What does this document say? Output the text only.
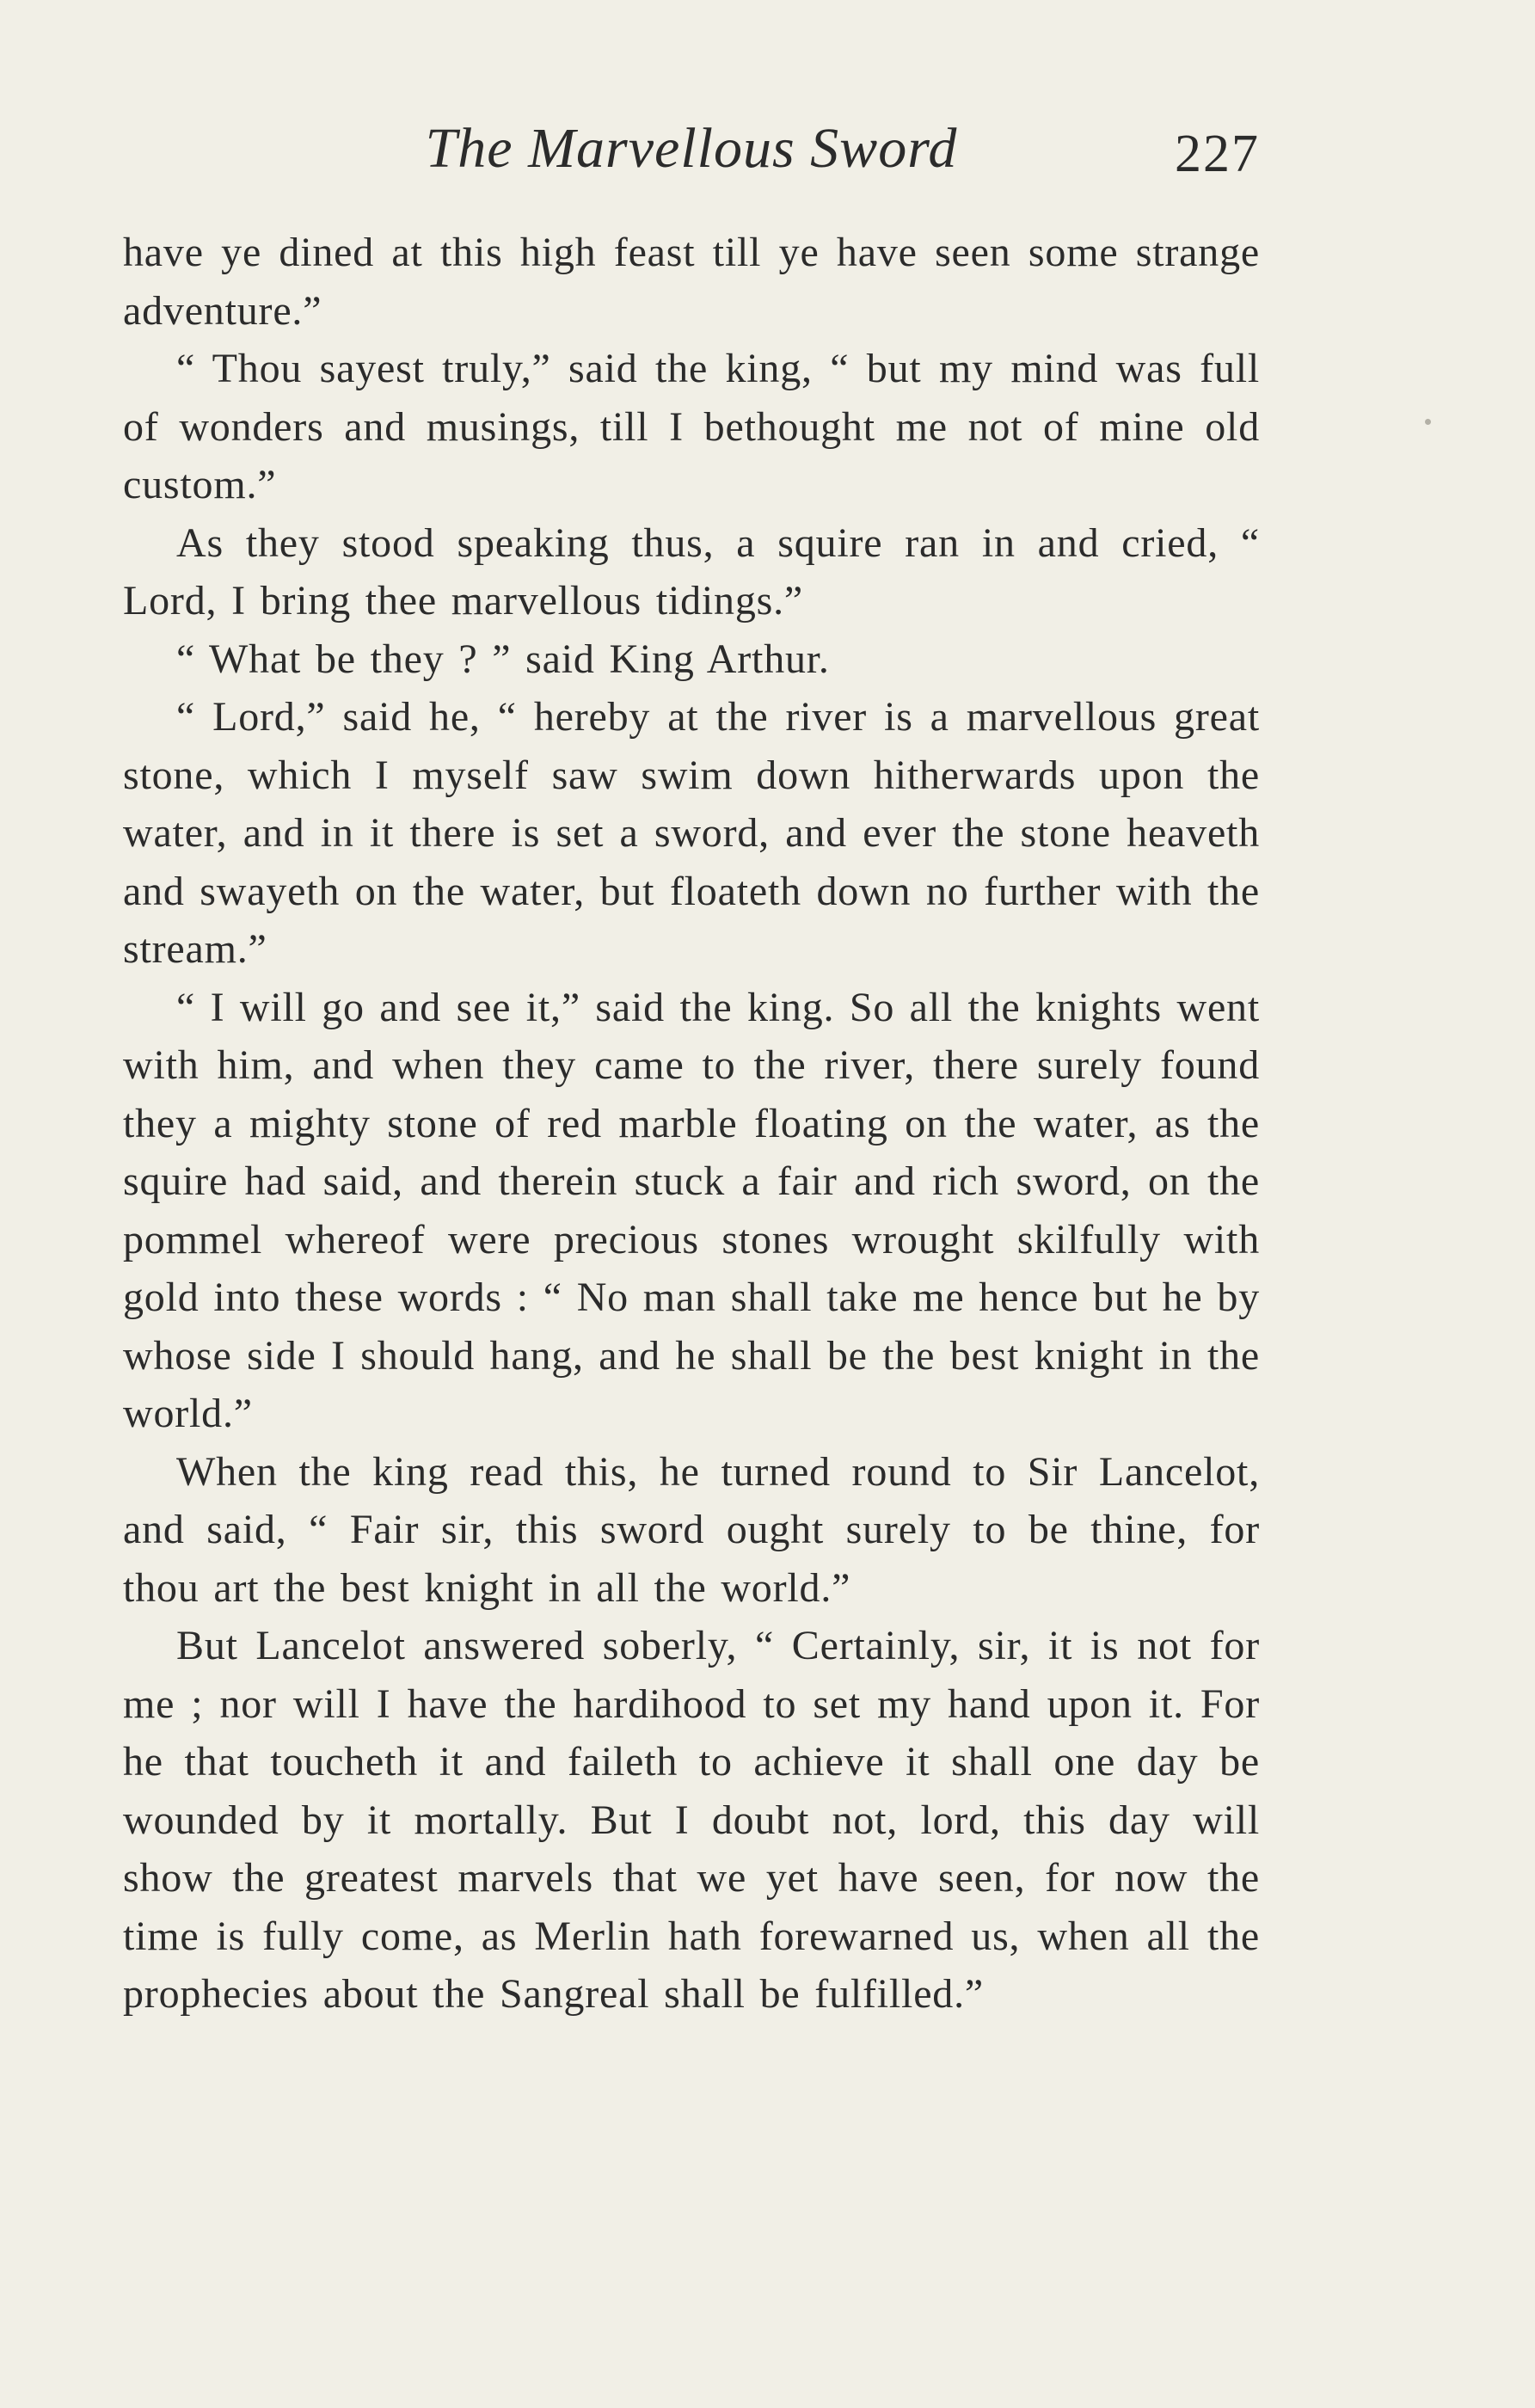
The Marvellous Sword	227

have ye dined at this high feast till ye have seen some strange adventure.”

“ Thou sayest truly,” said the king, “ but my mind was full of wonders and musings, till I bethought me not of mine old custom.”

As they stood speaking thus, a squire ran in and cried, “ Lord, I bring thee marvellous tidings.”

“ What be they ? ” said King Arthur.

“ Lord,” said he, “ hereby at the river is a marvellous great stone, which I myself saw swim down hitherwards upon the water, and in it there is set a sword, and ever the stone heaveth and swayeth on the water, but floateth down no further with the stream.”

“ I will go and see it,” said the king. So all the knights went with him, and when they came to the river, there surely found they a mighty stone of red marble floating on the water, as the squire had said, and therein stuck a fair and rich sword, on the pommel whereof were precious stones wrought skilfully with gold into these words : “ No man shall take me hence but he by whose side I should hang, and he shall be the best knight in the world.”

When the king read this, he turned round to Sir Lancelot, and said, “ Fair sir, this sword ought surely to be thine, for thou art the best knight in all the world.”

But Lancelot answered soberly, “ Certainly, sir, it is not for me ; nor will I have the hardihood to set my hand upon it. For he that toucheth it and faileth to achieve it shall one day be wounded by it mortally. But I doubt not, lord, this day will show the greatest marvels that we yet have seen, for now the time is fully come, as Merlin hath forewarned us, when all the prophecies about the Sangreal shall be fulfilled.”
